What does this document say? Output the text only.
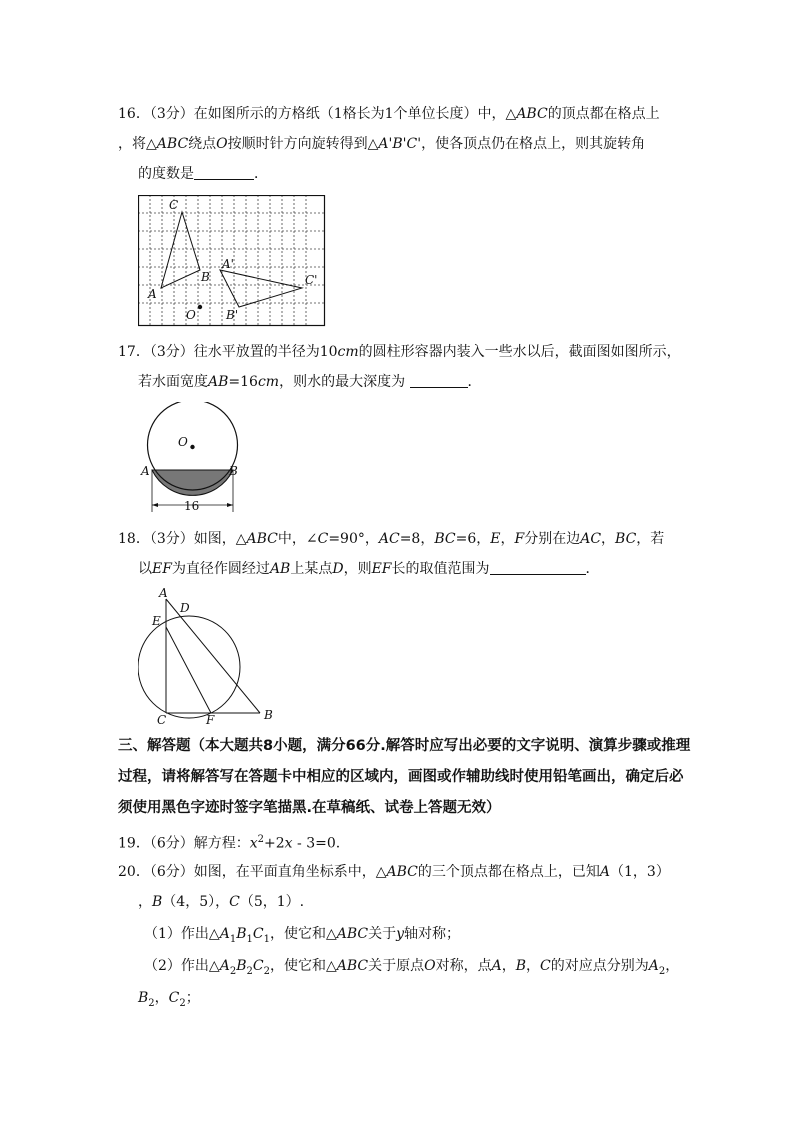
16．（3分）在如图所示的方格纸（1格长为1个单位长度）中，△ABC的顶点都在格点上
，将△ABC绕点O按顺时针方向旋转得到△A'B'C'，使各顶点仍在格点上，则其旋转角
的度数是	．
C
A
B
O
A'
B'
C'
17．（3分）往水平放置的半径为10cm的圆柱形容器内装入一些水以后，截面图如图所示，
若水面宽度AB=16cm，则水的最大深度为	．
O
A	B
16
18．（3分）如图，△ABC中，∠C=90°，AC=8，BC=6，E，F分别在边AC，BC，若
以EF为直径作圆经过AB上某点D，则EF长的取值范围为	．
A
D
E
C	F	B
三、解答题（本大题共8小题，满分66分.解答时应写出必要的文字说明、演算步骤或推理
过程，请将解答写在答题卡中相应的区域内，画图或作辅助线时使用铅笔画出，确定后必
须使用黑色字迹时签字笔描黑.在草稿纸、试卷上答题无效）
19．（6分）解方程：$x^2+2x - 3=0$.
20．（6分）如图，在平面直角坐标系中，△ABC的三个顶点都在格点上，已知A（1，3）
，B（4，5），C（5，1）.
（1）作出$\triangle A_1B_1C_1$，使它和△ABC关于y轴对称；
（2）作出$\triangle A_2B_2C_2$，使它和△ABC关于原点O对称，点A，B，C的对应点分别为$A_2$，
$B_2$，$C_2$；
